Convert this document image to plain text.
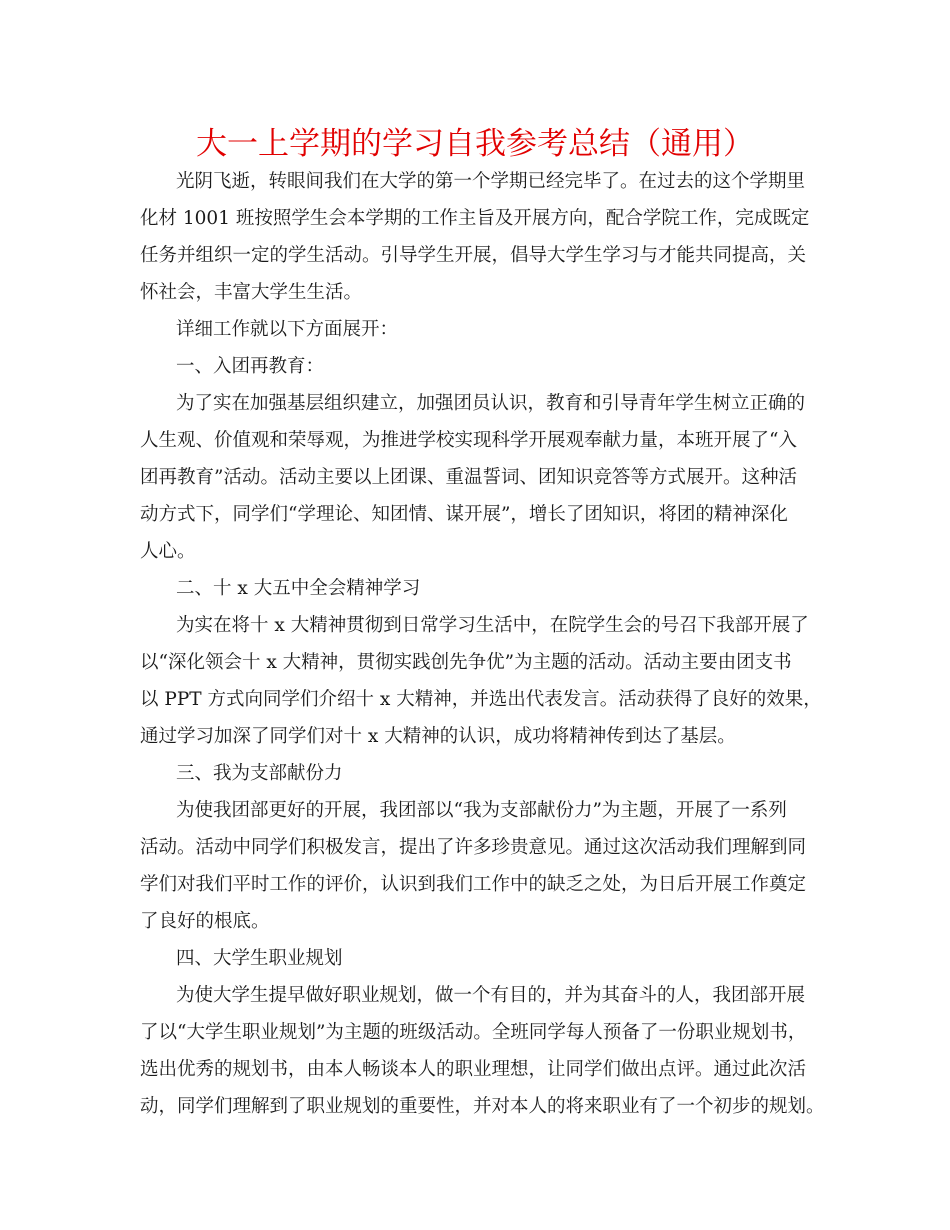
大一上学期的学习自我参考总结（通用）
光阴飞逝，转眼间我们在大学的第一个学期已经完毕了。在过去的这个学期里
化材 1001 班按照学生会本学期的工作主旨及开展方向，配合学院工作，完成既定
任务并组织一定的学生活动。引导学生开展，倡导大学生学习与才能共同提高，关
怀社会，丰富大学生生活。
详细工作就以下方面展开：
一、入团再教育：
为了实在加强基层组织建立，加强团员认识，教育和引导青年学生树立正确的
人生观、价值观和荣辱观，为推进学校实现科学开展观奉献力量，本班开展了“入
团再教育”活动。活动主要以上团课、重温誓词、团知识竞答等方式展开。这种活
动方式下，同学们“学理论、知团情、谋开展”，增长了团知识，将团的精神深化
人心。
二、十 x 大五中全会精神学习
为实在将十 x 大精神贯彻到日常学习生活中，在院学生会的号召下我部开展了
以“深化领会十 x 大精神，贯彻实践创先争优”为主题的活动。活动主要由团支书
以 PPT 方式向同学们介绍十 x 大精神，并选出代表发言。活动获得了良好的效果，
通过学习加深了同学们对十 x 大精神的认识，成功将精神传到达了基层。
三、我为支部献份力
为使我团部更好的开展，我团部以“我为支部献份力”为主题，开展了一系列
活动。活动中同学们积极发言，提出了许多珍贵意见。通过这次活动我们理解到同
学们对我们平时工作的评价，认识到我们工作中的缺乏之处，为日后开展工作奠定
了良好的根底。
四、大学生职业规划
为使大学生提早做好职业规划，做一个有目的，并为其奋斗的人，我团部开展
了以“大学生职业规划”为主题的班级活动。全班同学每人预备了一份职业规划书，
选出优秀的规划书，由本人畅谈本人的职业理想，让同学们做出点评。通过此次活
动，同学们理解到了职业规划的重要性，并对本人的将来职业有了一个初步的规划。
